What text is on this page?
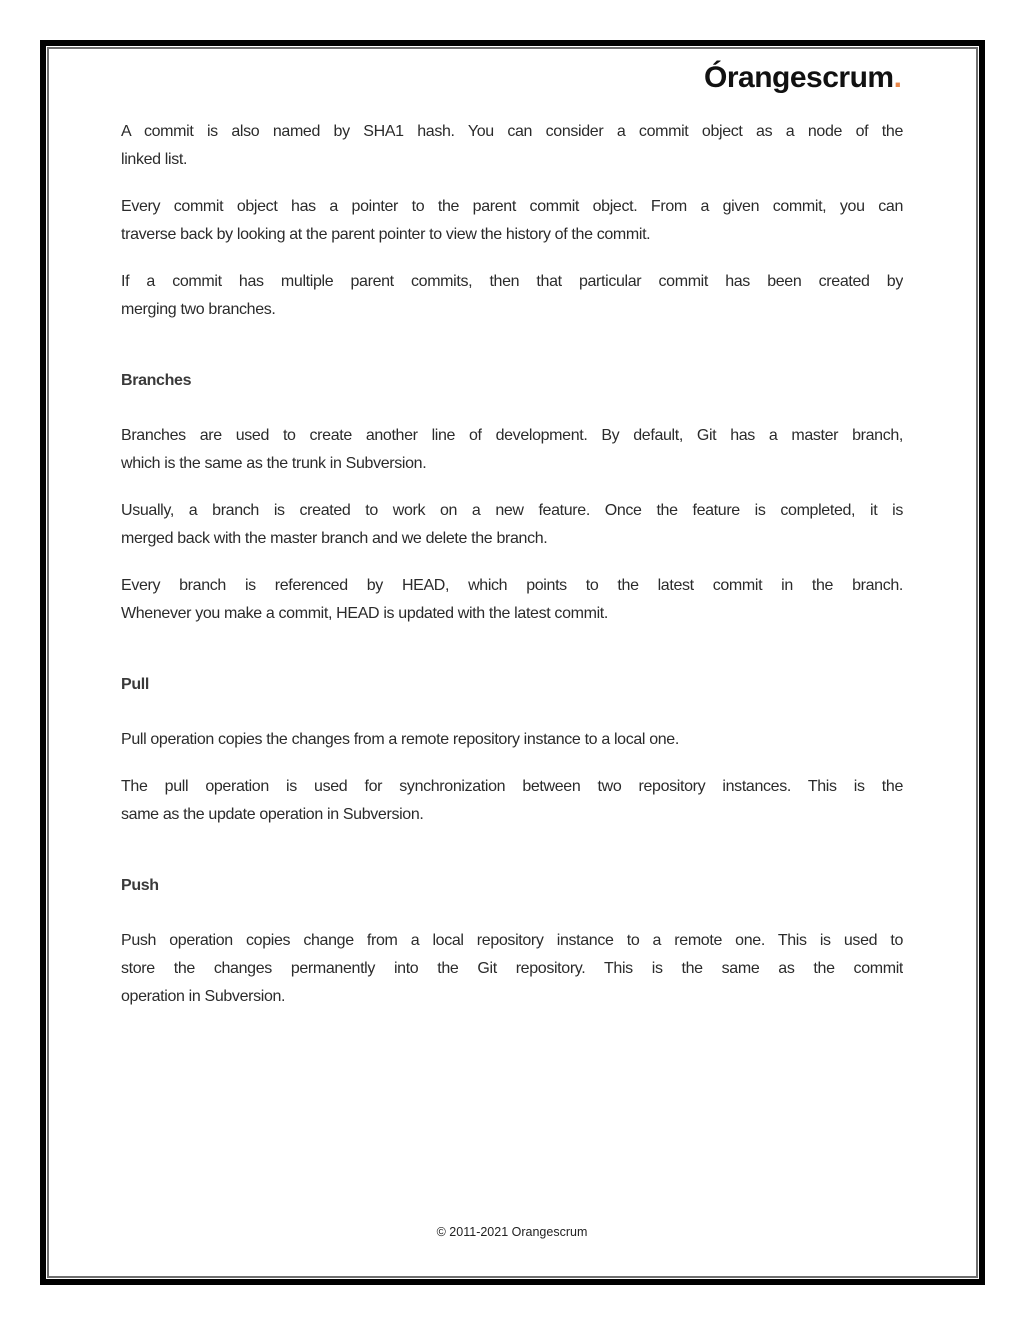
Órangescrum.
A commit is also named by SHA1 hash. You can consider a commit object as a node of the
linked list.
Every commit object has a pointer to the parent commit object. From a given commit, you can
traverse back by looking at the parent pointer to view the history of the commit.
If a commit has multiple parent commits, then that particular commit has been created by
merging two branches.
Branches
Branches are used to create another line of development. By default, Git has a master branch,
which is the same as the trunk in Subversion.
Usually, a branch is created to work on a new feature. Once the feature is completed, it is
merged back with the master branch and we delete the branch.
Every branch is referenced by HEAD, which points to the latest commit in the branch.
Whenever you make a commit, HEAD is updated with the latest commit.
Pull
Pull operation copies the changes from a remote repository instance to a local one.
The pull operation is used for synchronization between two repository instances. This is the
same as the update operation in Subversion.
Push
Push operation copies change from a local repository instance to a remote one. This is used to
store the changes permanently into the Git repository. This is the same as the commit
operation in Subversion.
© 2011-2021 Orangescrum
